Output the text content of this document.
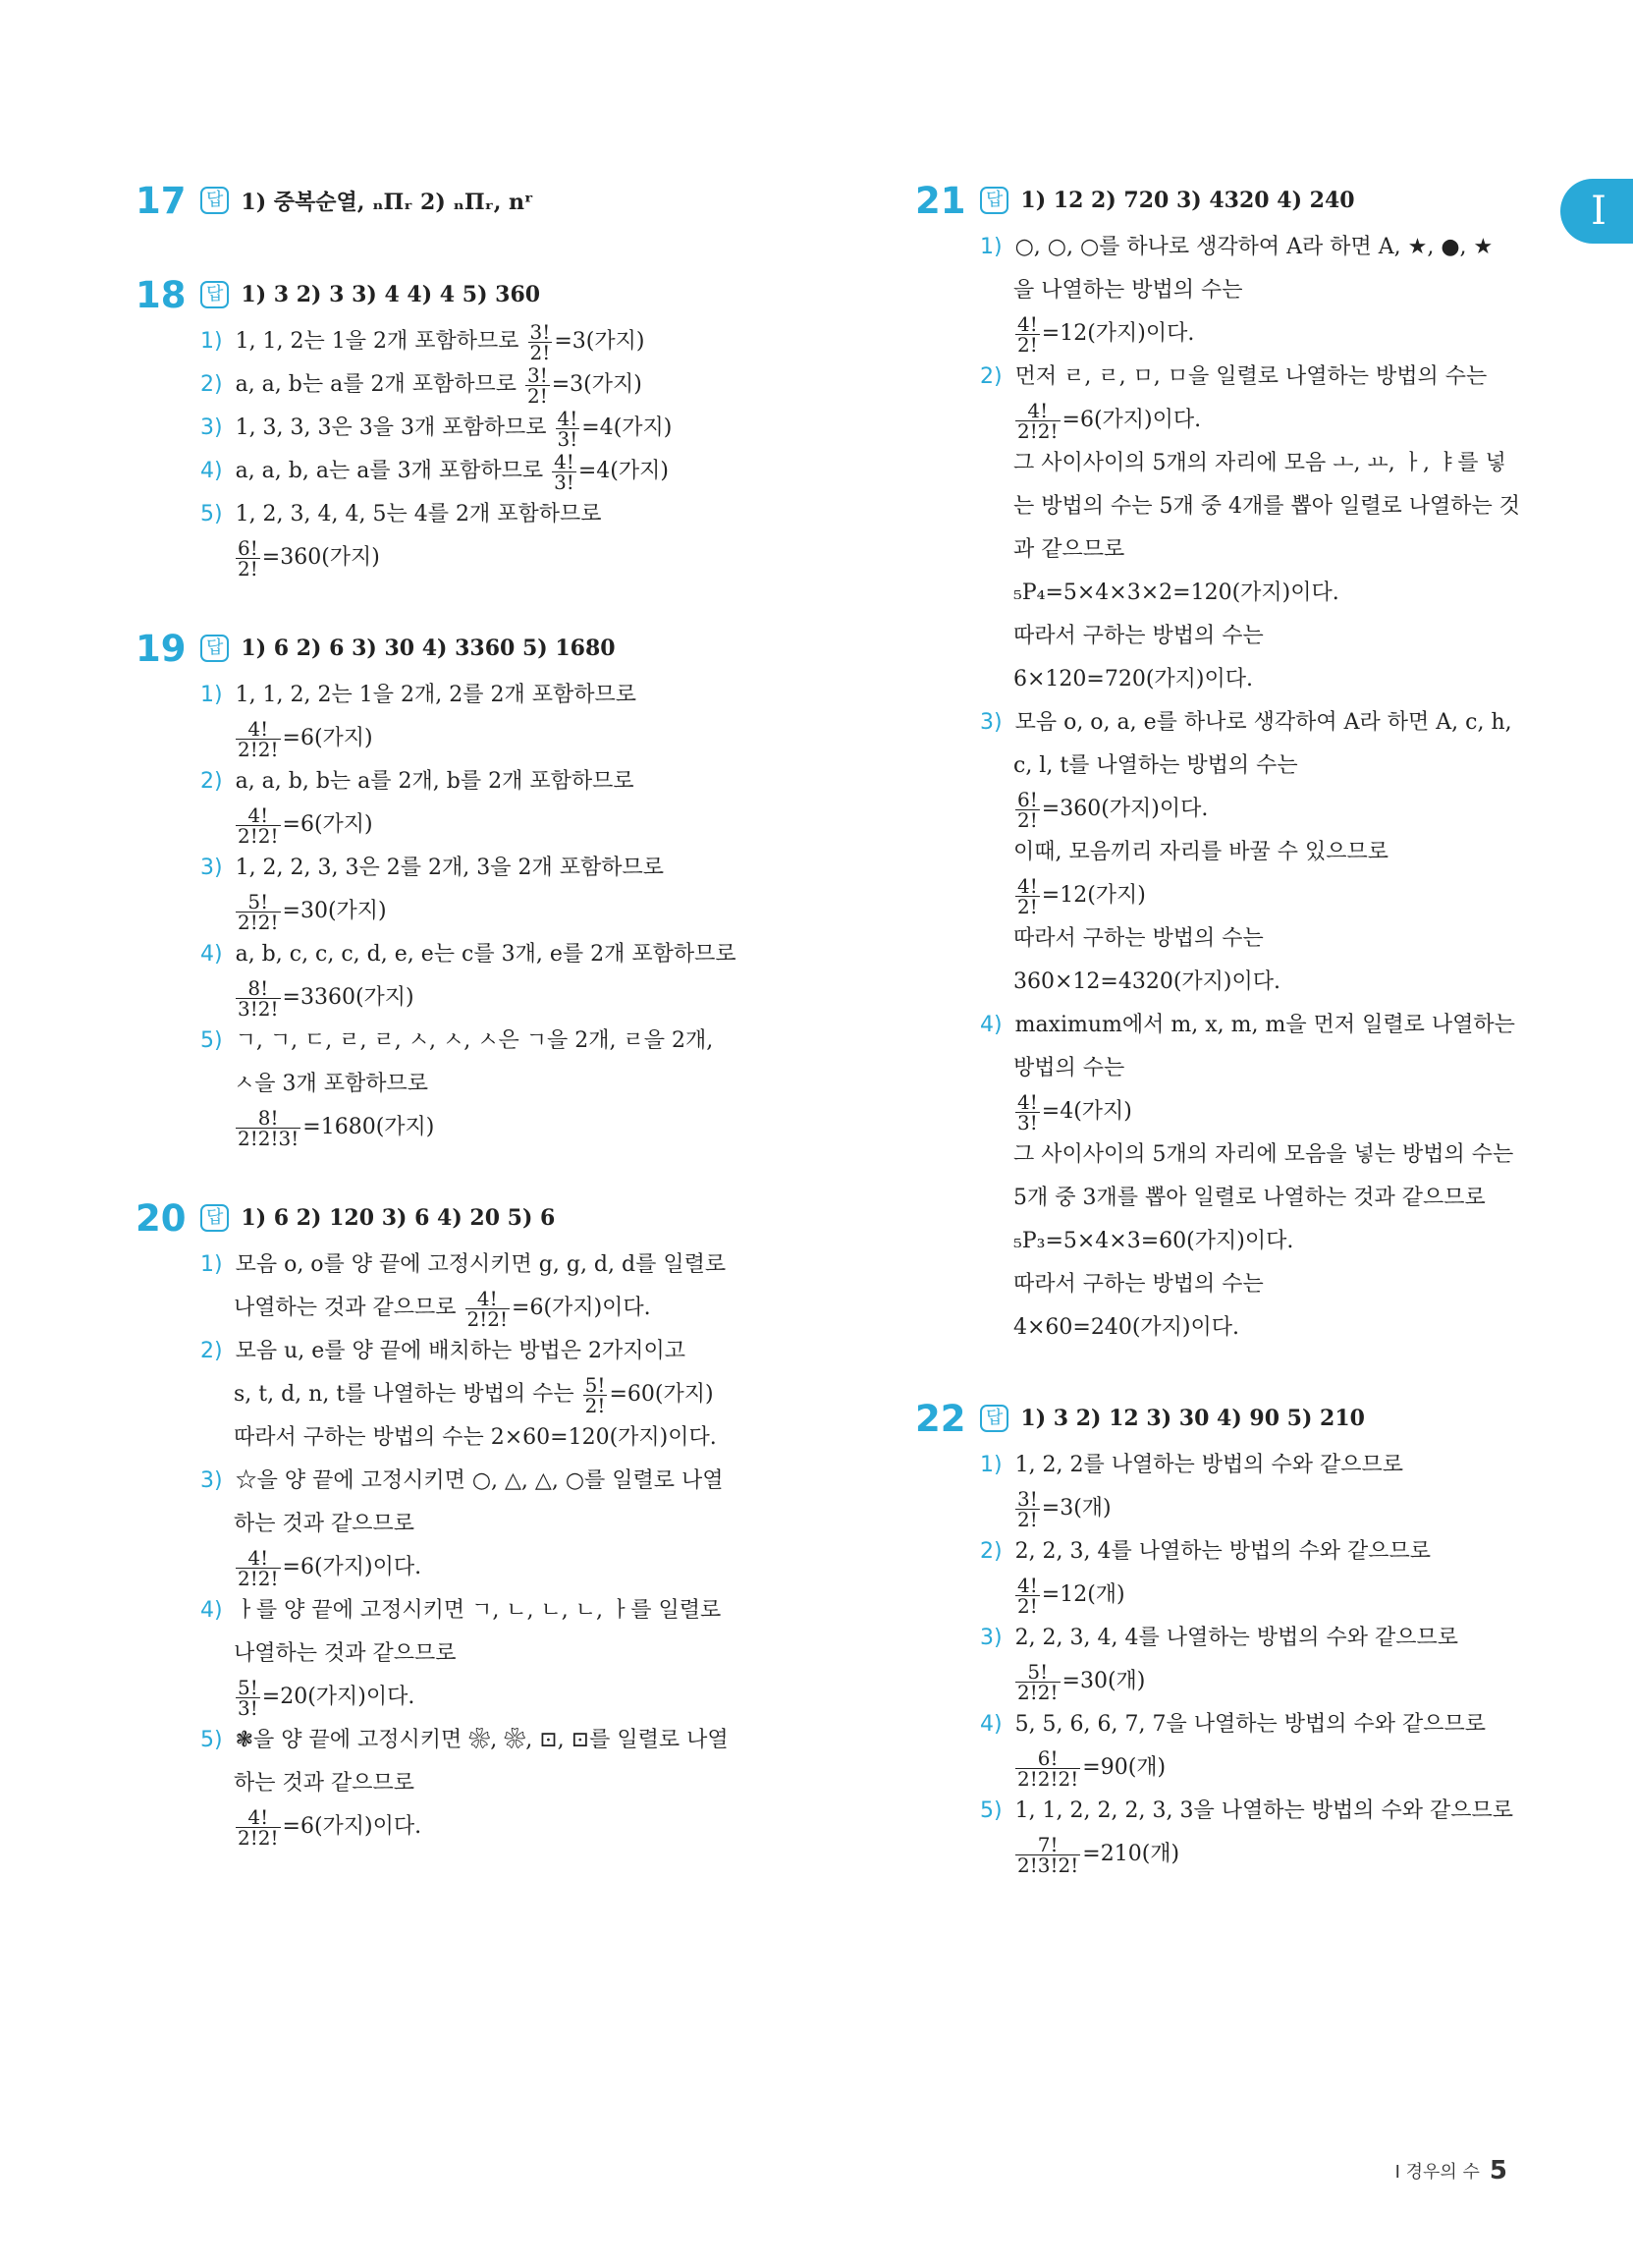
I
17	답 1) 중복순열, ₙΠᵣ 2) ₙΠᵣ, nʳ
18	답 1) 3 2) 3 3) 4 4) 4 5) 360
1) 1, 1, 2는 1을 2개 포함하므로 $\frac{3!}{2!} =3$(가지)
2) a, a, b는 a를 2개 포함하므로 $\frac{3!}{2!} =3$(가지)
3) 1, 3, 3, 3은 3을 3개 포함하므로 $\frac{4!}{3!} =4$(가지)
4) a, a, b, a는 a를 3개 포함하므로 $\frac{4!}{3!} =4$(가지)
5) 1, 2, 3, 4, 4, 5는 4를 2개 포함하므로
$\frac{6!}{2!} =360$(가지)
19	답 1) 6 2) 6 3) 30 4) 3360 5) 1680
1) 1, 1, 2, 2는 1을 2개, 2를 2개 포함하므로
$\frac{4!}{2!2!} =6$(가지)
2) a, a, b, b는 a를 2개, b를 2개 포함하므로
$\frac{4!}{2!2!} =6$(가지)
3) 1, 2, 2, 3, 3은 2를 2개, 3을 2개 포함하므로
$\frac{5!}{2!2!} =30$(가지)
4) a, b, c, c, c, d, e, e는 c를 3개, e를 2개 포함하므로
$\frac{8!}{3!2!} =3360$(가지)
5) ㄱ, ㄱ, ㄷ, ㄹ, ㄹ, ㅅ, ㅅ, ㅅ은 ㄱ을 2개, ㄹ을 2개,
ㅅ을 3개 포함하므로
$\frac{8!}{2!2!3!} =1680$(가지)
20	답 1) 6 2) 120 3) 6 4) 20 5) 6
1) 모음 o, o를 양 끝에 고정시키면 g, g, d, d를 일렬로
나열하는 것과 같으므로 $\frac{4!}{2!2!} =6$(가지)이다.
2) 모음 u, e를 양 끝에 배치하는 방법은 2가지이고
s, t, d, n, t를 나열하는 방법의 수는 $\frac{5!}{2!} =60$(가지)
따라서 구하는 방법의 수는 2×60=120(가지)이다.
3) ☆을 양 끝에 고정시키면 ○, △, △, ○를 일렬로 나열
하는 것과 같으므로
$\frac{4!}{2!2!} =6$(가지)이다.
4) ㅏ를 양 끝에 고정시키면 ㄱ, ㄴ, ㄴ, ㄴ, ㅏ를 일렬로
나열하는 것과 같으므로
$\frac{5!}{3!} =20$(가지)이다.
5) ❃을 양 끝에 고정시키면 ❀, ❀, ⊡, ⊡를 일렬로 나열
하는 것과 같으므로
$\frac{4!}{2!2!} =6$(가지)이다.
21	답 1) 12 2) 720 3) 4320 4) 240
1) ○, ○, ○를 하나로 생각하여 A라 하면 A, ★, ●, ★
을 나열하는 방법의 수는
$\frac{4!}{2!} =12$(가지)이다.
2) 먼저 ㄹ, ㄹ, ㅁ, ㅁ을 일렬로 나열하는 방법의 수는
$\frac{4!}{2!2!} =6$(가지)이다.
그 사이사이의 5개의 자리에 모음 ㅗ, ㅛ, ㅏ, ㅑ를 넣
는 방법의 수는 5개 중 4개를 뽑아 일렬로 나열하는 것
과 같으므로
₅P₄=5×4×3×2=120(가지)이다.
따라서 구하는 방법의 수는
6×120=720(가지)이다.
3) 모음 o, o, a, e를 하나로 생각하여 A라 하면 A, c, h,
c, l, t를 나열하는 방법의 수는
$\frac{6!}{2!} =360$(가지)이다.
이때, 모음끼리 자리를 바꿀 수 있으므로
$\frac{4!}{2!} =12$(가지)
따라서 구하는 방법의 수는
360×12=4320(가지)이다.
4) maximum에서 m, x, m, m을 먼저 일렬로 나열하는
방법의 수는
$\frac{4!}{3!} =4$(가지)
그 사이사이의 5개의 자리에 모음을 넣는 방법의 수는
5개 중 3개를 뽑아 일렬로 나열하는 것과 같으므로
₅P₃=5×4×3=60(가지)이다.
따라서 구하는 방법의 수는
4×60=240(가지)이다.
22	답 1) 3 2) 12 3) 30 4) 90 5) 210
1) 1, 2, 2를 나열하는 방법의 수와 같으므로
$\frac{3!}{2!} =3$(개)
2) 2, 2, 3, 4를 나열하는 방법의 수와 같으므로
$\frac{4!}{2!} =12$(개)
3) 2, 2, 3, 4, 4를 나열하는 방법의 수와 같으므로
$\frac{5!}{2!2!} =30$(개)
4) 5, 5, 6, 6, 7, 7을 나열하는 방법의 수와 같으므로
$\frac{6!}{2!2!2!} =90$(개)
5) 1, 1, 2, 2, 2, 3, 3을 나열하는 방법의 수와 같으므로
$\frac{7!}{2!3!2!} =210$(개)
I 경우의 수 5
